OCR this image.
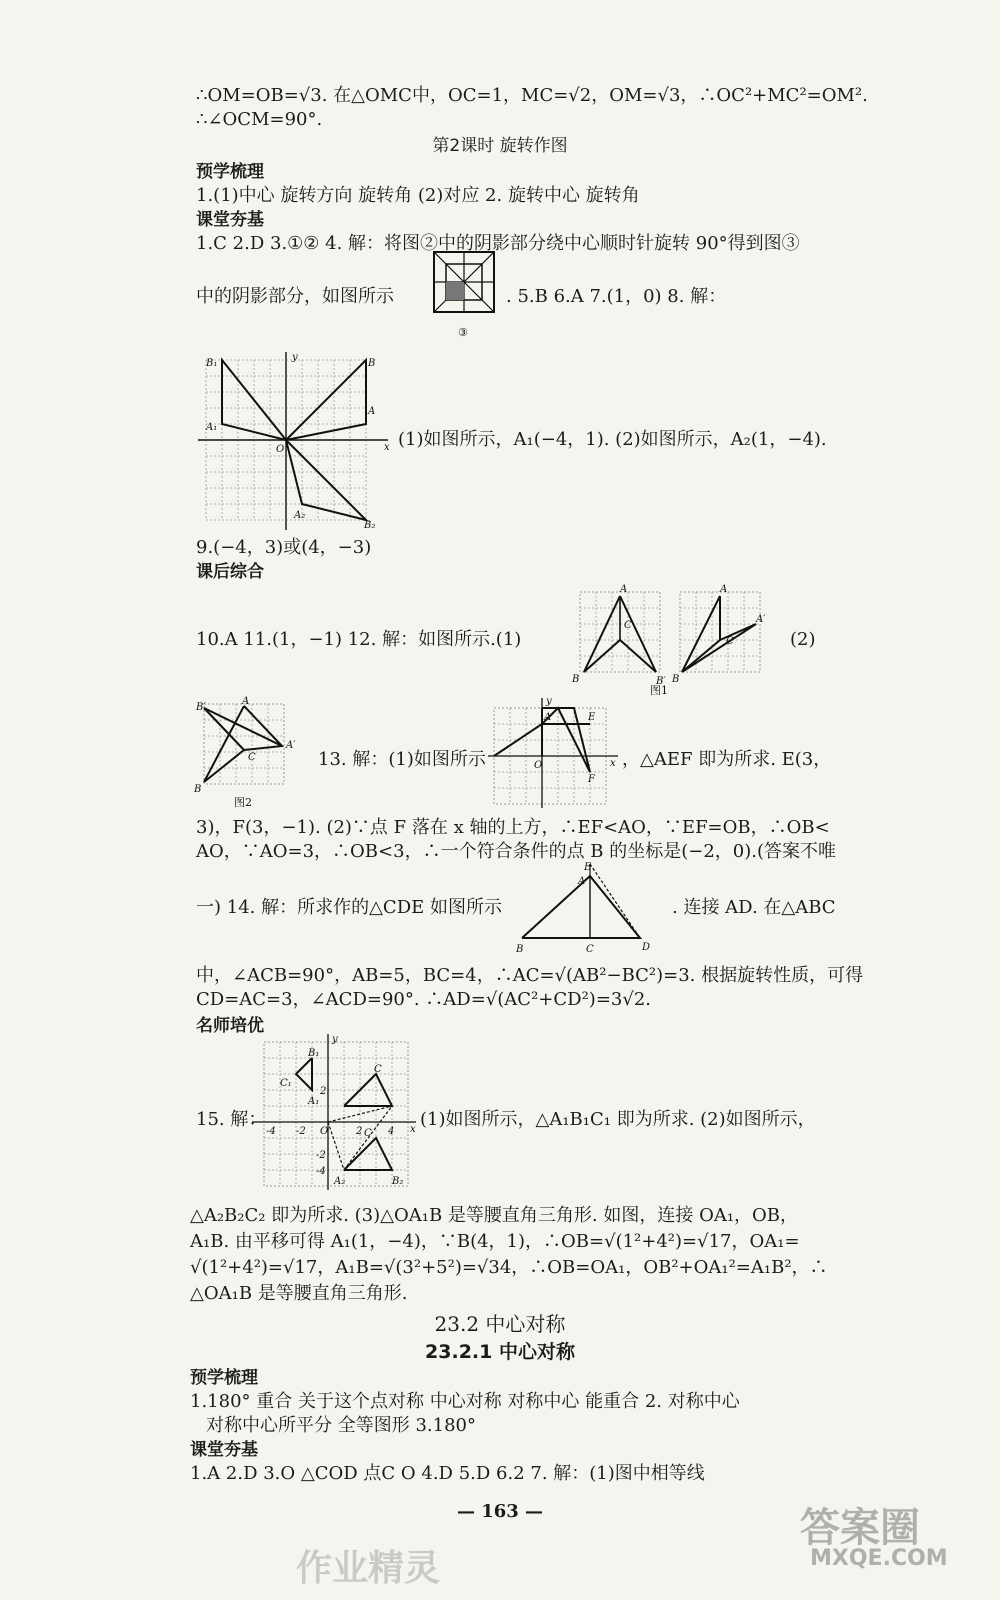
∴OM=OB=√3. 在△OMC中，OC=1，MC=√2，OM=√3，∴OC²+MC²=OM².
∴∠OCM=90°.
第2课时 旋转作图
预学梳理
1.(1)中心 旋转方向 旋转角 (2)对应 2. 旋转中心 旋转角
课堂夯基
1.C 2.D 3.①② 4. 解：将图②中的阴影部分绕中心顺时针旋转 90°得到图③
中的阴影部分，如图所示
③
. 5.B 6.A 7.(1，0) 8. 解：
B
A
B₁
A₁
A₂
B₂
O	x
y
(1)如图所示，A₁(−4，1). (2)如图所示，A₂(1，−4).
9.(−4，3)或(4，−3)
课后综合
10.A 11.(1，−1) 12. 解：如图所示.(1)
A
C
B	B′
A
C
A′
B
图1
(2)
A
B′
A′
C
B
图2
13. 解：(1)如图所示
A	E
F
O	x
y
，△AEF 即为所求. E(3，
3)，F(3，−1). (2)∵点 F 落在 x 轴的上方，∴EF<AO，∵EF=OB，∴OB<
AO，∵AO=3，∴OB<3，∴一个符合条件的点 B 的坐标是(−2，0).(答案不唯
一) 14. 解：所求作的△CDE 如图所示
E
A
B	C	D
. 连接 AD. 在△ABC
中，∠ACB=90°，AB=5，BC=4，∴AC=√(AB²−BC²)=3. 根据旋转性质，可得
CD=AC=3，∠ACD=90°. ∴AD=√(AC²+CD²)=3√2.
名师培优
15. 解：
B₁
C₁
A₁
C
C
A₂	B₂
-4 -2 O	2	4
2
-2
-4
x
y
(1)如图所示，△A₁B₁C₁ 即为所求. (2)如图所示，
△A₂B₂C₂ 即为所求. (3)△OA₁B 是等腰直角三角形. 如图，连接 OA₁，OB，
A₁B. 由平移可得 A₁(1，−4)，∵B(4，1)，∴OB=√(1²+4²)=√17，OA₁=
√(1²+4²)=√17，A₁B=√(3²+5²)=√34，∴OB=OA₁，OB²+OA₁²=A₁B²，∴
△OA₁B 是等腰直角三角形.
23.2 中心对称
23.2.1 中心对称
预学梳理
1.180° 重合 关于这个点对称 中心对称 对称中心 能重合 2. 对称中心
对称中心所平分 全等图形 3.180°
课堂夯基
1.A 2.D 3.O △COD 点C O 4.D 5.D 6.2 7. 解：(1)图中相等线
— 163 —
作业精灵
答案圈
MXQE.COM
